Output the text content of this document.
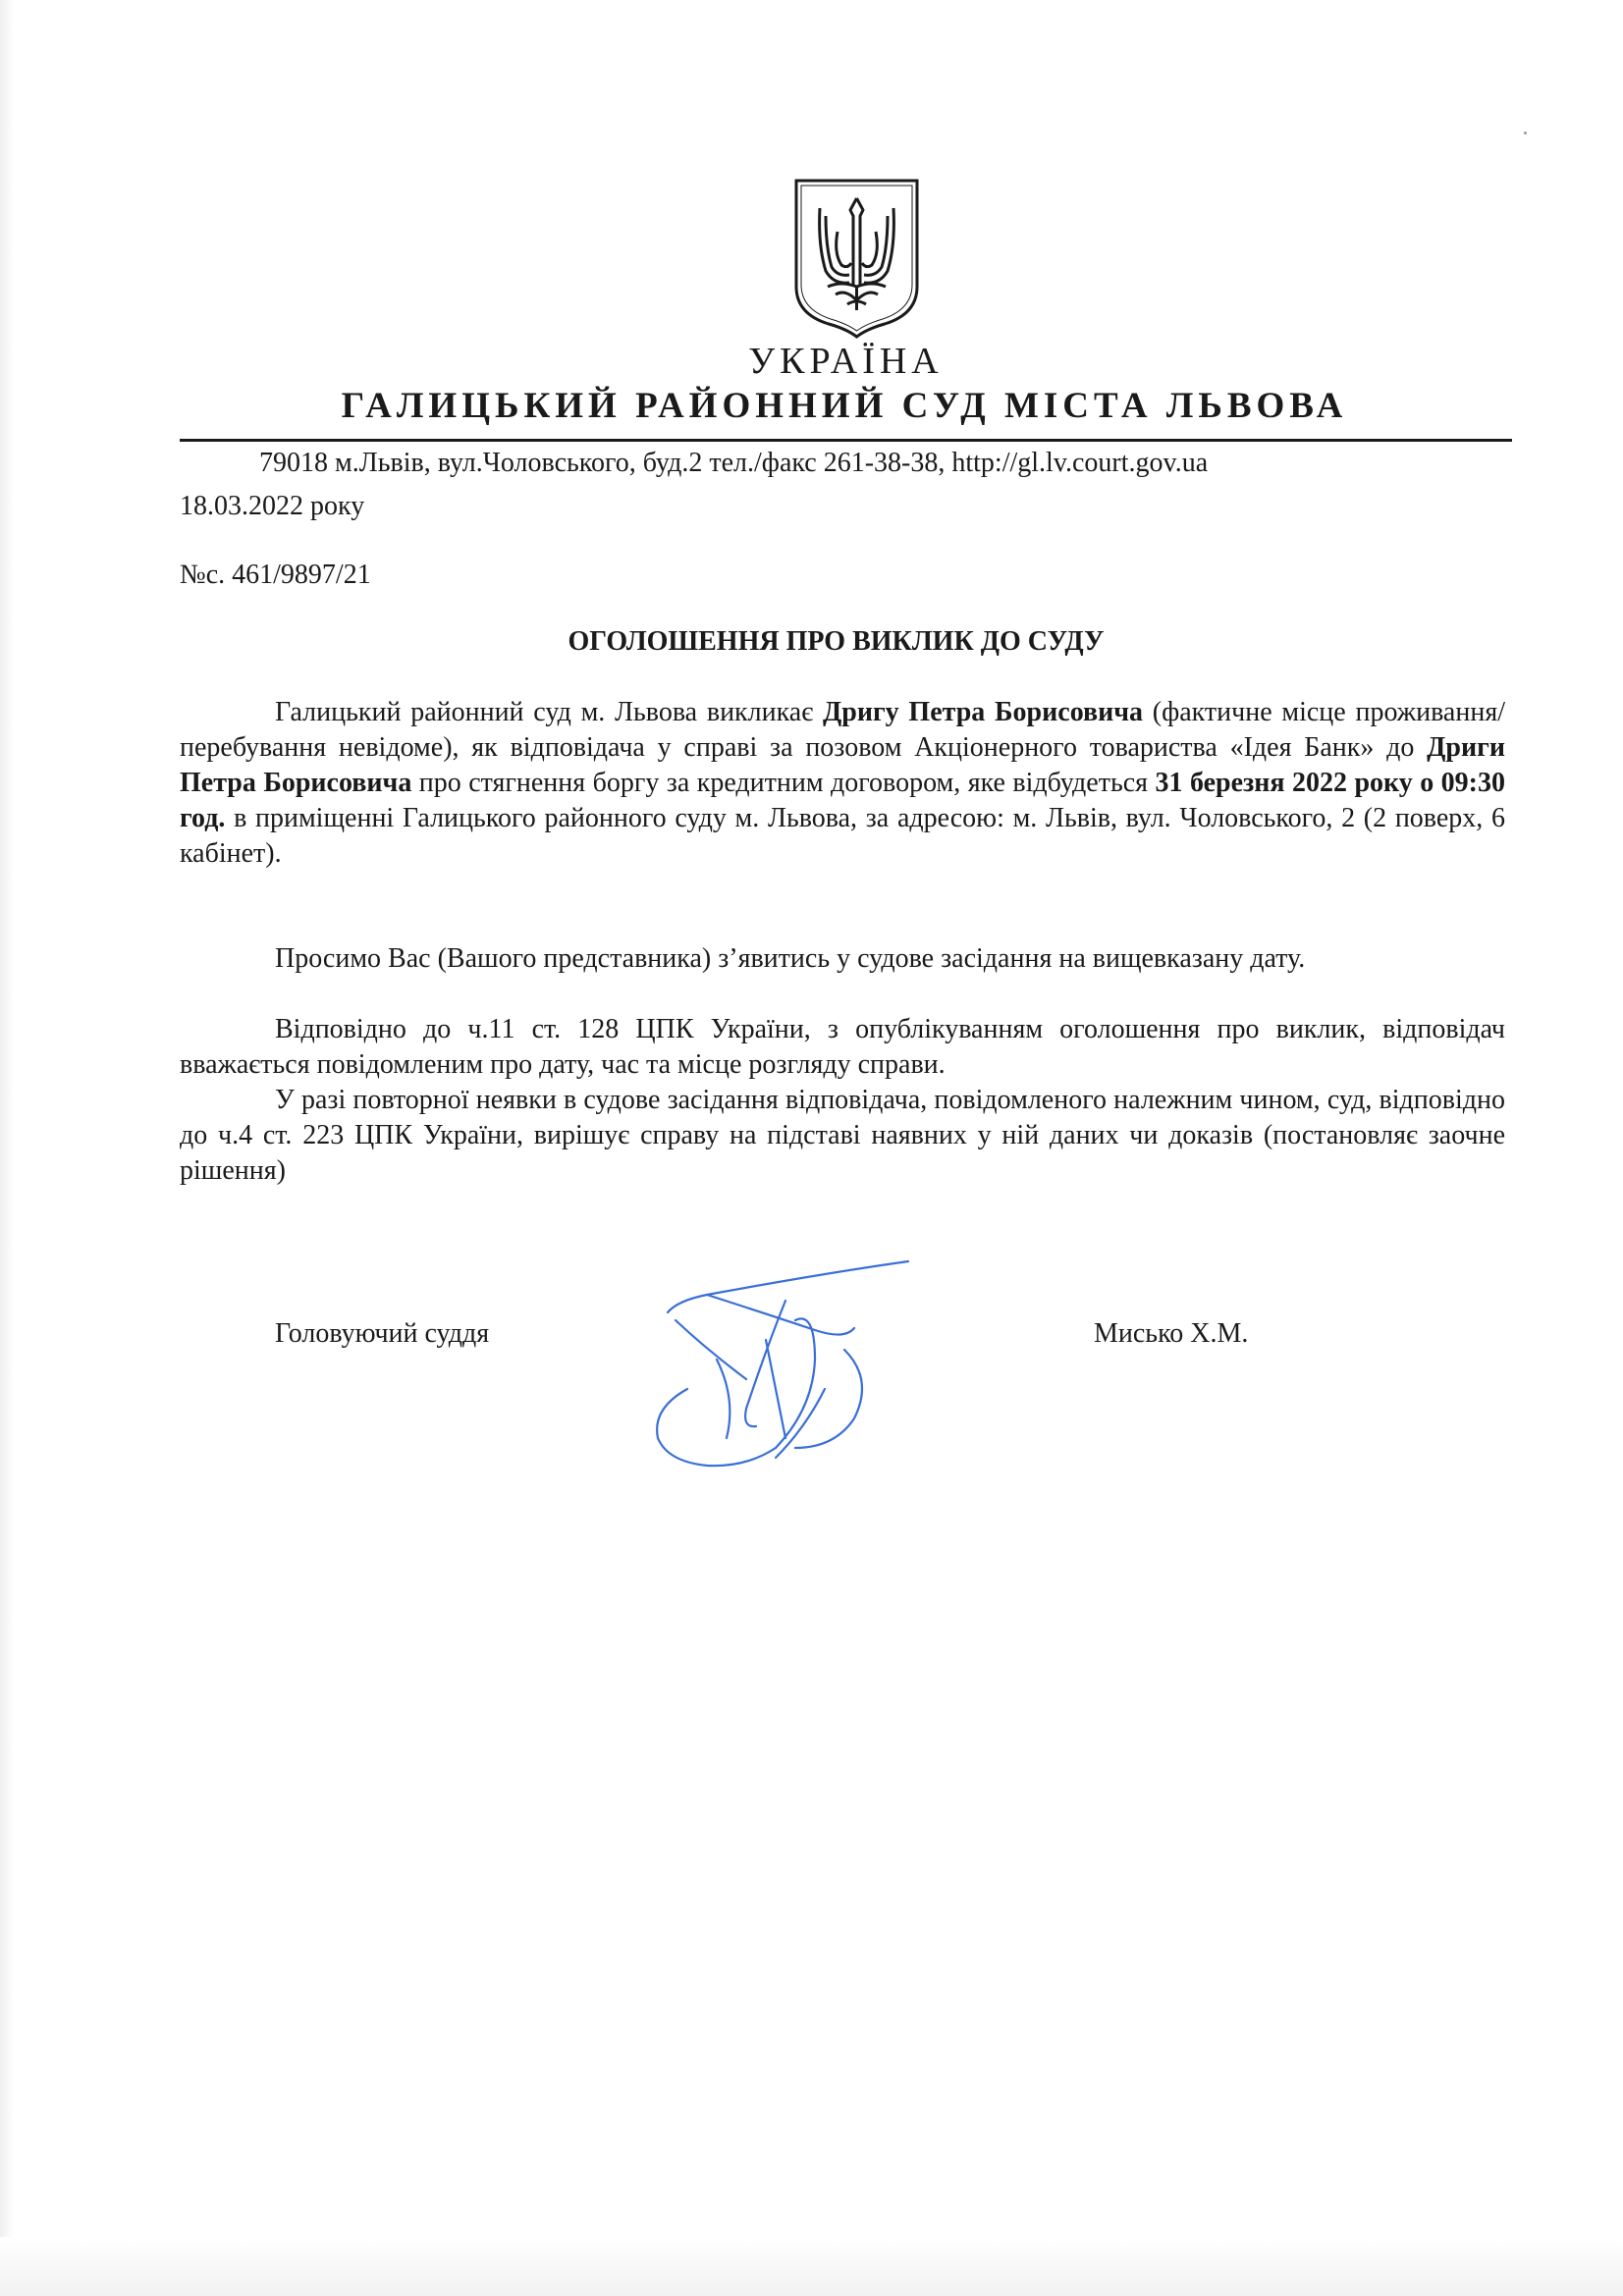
УКРАЇНА
ГАЛИЦЬКИЙ РАЙОННИЙ СУД МІСТА ЛЬВОВА
79018 м.Львів, вул.Чоловського, буд.2 тел./факс 261-38-38, http://gl.lv.court.gov.ua
18.03.2022 року
№с. 461/9897/21
ОГОЛОШЕННЯ ПРО ВИКЛИК ДО СУДУ

Галицький районний суд м. Львова викликає Дригу Петра Борисовича (фактичне місце проживання/перебування невідоме), як відповідача у справі за позовом Акціонерного товариства «Ідея Банк» до Дриги Петра Борисовича про стягнення боргу за кредитним договором, яке відбудеться 31 березня 2022 року о 09:30 год. в приміщенні Галицького районного суду м. Львова, за адресою: м. Львів, вул. Чоловського, 2 (2 поверх, 6 кабінет).

Просимо Вас (Вашого представника) з’явитись у судове засідання на вищевказану дату.

Відповідно до ч.11 ст. 128 ЦПК України, з опублікуванням оголошення про виклик, відповідач вважається повідомленим про дату, час та місце розгляду справи.

У разі повторної неявки в судове засідання відповідача, повідомленого належним чином, суд, відповідно до ч.4 ст. 223 ЦПК України, вирішує справу на підставі наявних у ній даних чи доказів (постановляє заочне рішення)

Головуючий суддя	Мисько Х.М.
